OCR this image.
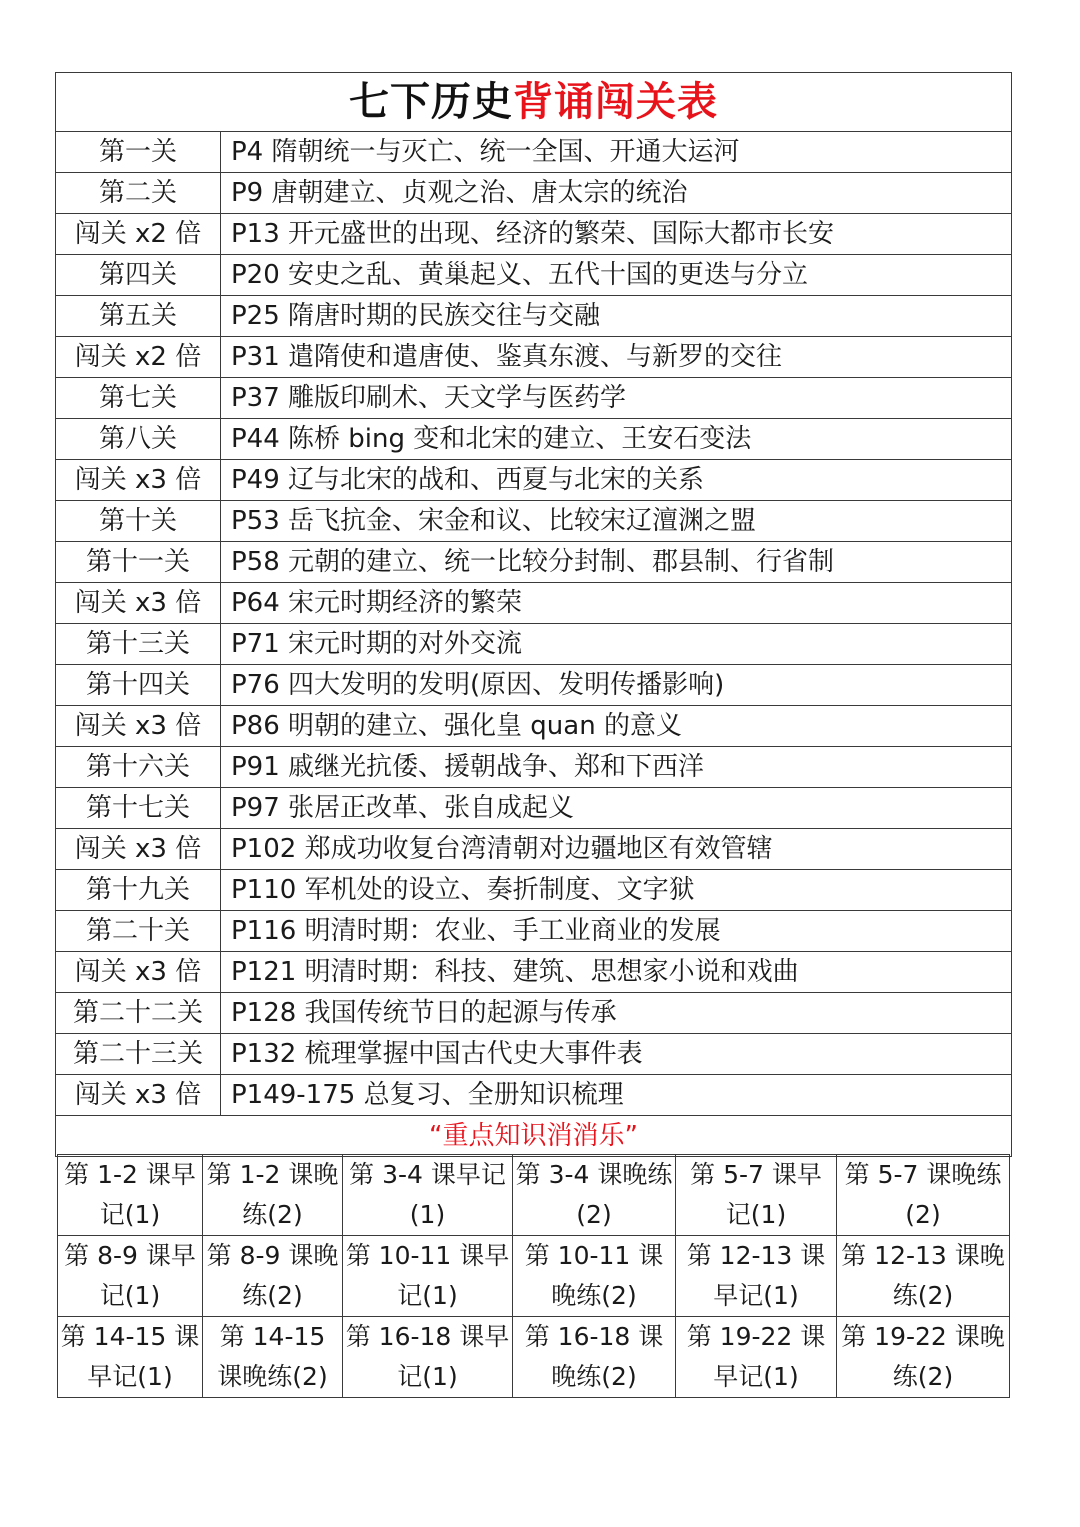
七下历史背诵闯关表	
第一关	P4 隋朝统一与灭亡、统一全国、开通大运河
第二关	P9 唐朝建立、贞观之治、唐太宗的统治
闯关 x2 倍	P13 开元盛世的出现、经济的繁荣、国际大都市长安
第四关	P20 安史之乱、黄巢起义、五代十国的更迭与分立
第五关	P25 隋唐时期的民族交往与交融
闯关 x2 倍	P31 遣隋使和遣唐使、鉴真东渡、与新罗的交往
第七关	P37 雕版印刷术、天文学与医药学
第八关	P44 陈桥 bing 变和北宋的建立、王安石变法
闯关 x3 倍	P49 辽与北宋的战和、西夏与北宋的关系
第十关	P53 岳飞抗金、宋金和议、比较宋辽澶渊之盟
第十一关	P58 元朝的建立、统一比较分封制、郡县制、行省制
闯关 x3 倍	P64 宋元时期经济的繁荣
第十三关	P71 宋元时期的对外交流
第十四关	P76 四大发明的发明(原因、发明传播影响)
闯关 x3 倍	P86 明朝的建立、强化皇 quan 的意义
第十六关	P91 戚继光抗倭、援朝战争、郑和下西洋
第十七关	P97 张居正改革、张自成起义
闯关 x3 倍	P102 郑成功收复台湾清朝对边疆地区有效管辖
第十九关	P110 军机处的设立、奏折制度、文字狱
第二十关	P116 明清时期：农业、手工业商业的发展
闯关 x3 倍	P121 明清时期：科技、建筑、思想家小说和戏曲
第二十二关	P128 我国传统节日的起源与传承
第二十三关	P132 梳理掌握中国古代史大事件表
闯关 x3 倍	P149-175 总复习、全册知识梳理
“重点知识消消乐”	
第 1-2 课早记(1)	第 1-2 课晚练(2)	第 3-4 课早记(1)	第 3-4 课晚练(2)	第 5-7 课早记(1)	第 5-7 课晚练(2)
第 8-9 课早记(1)	第 8-9 课晚练(2)	第 10-11 课早记(1)	第 10-11 课晚练(2)	第 12-13 课早记(1)	第 12-13 课晚练(2)
第 14-15 课早记(1)	第 14-15 课晚练(2)	第 16-18 课早记(1)	第 16-18 课晚练(2)	第 19-22 课早记(1)	第 19-22 课晚练(2)
